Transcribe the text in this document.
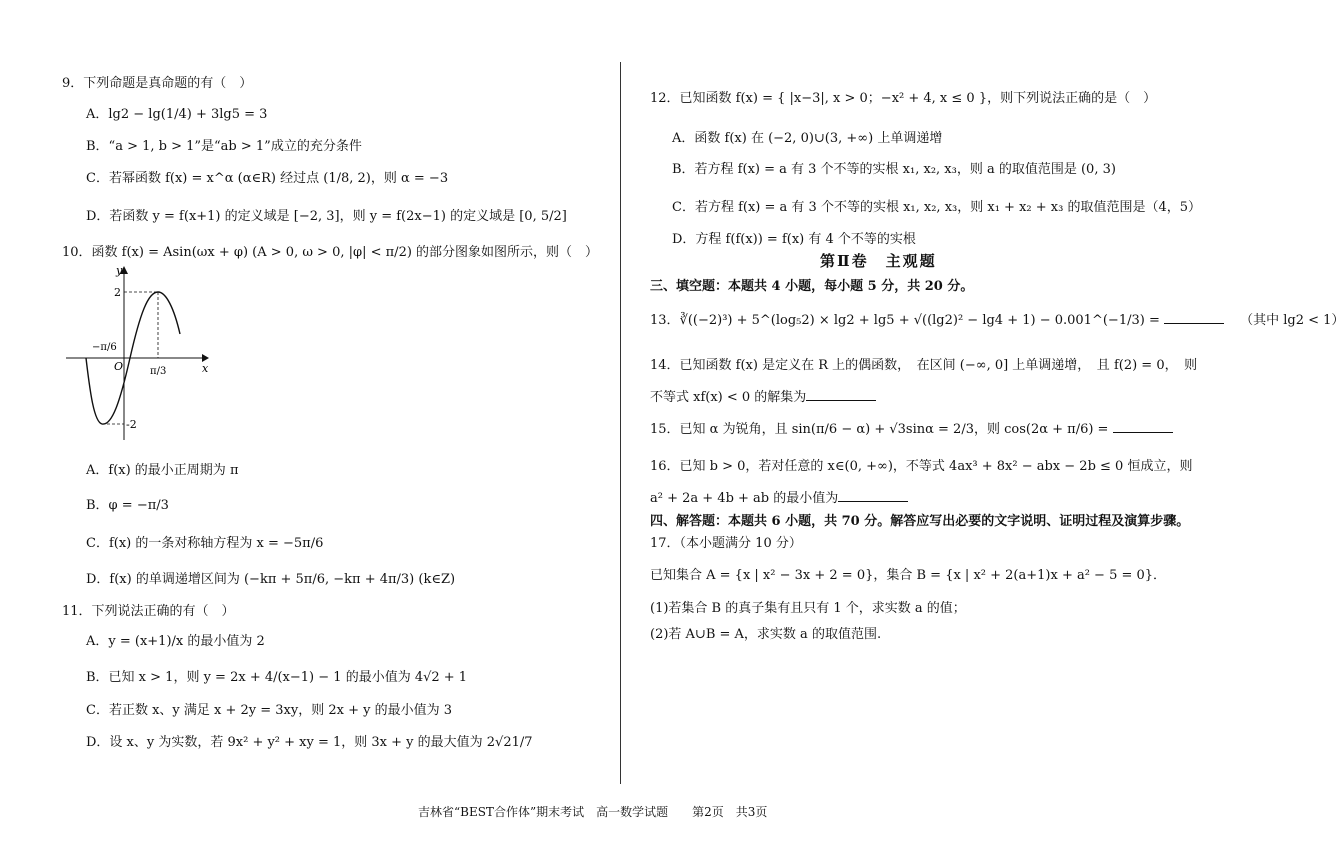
9．下列命题是真命题的有（　）
A．lg2 − lg(1/4) + 3lg5 = 3
B．“a > 1, b > 1”是“ab > 1”成立的充分条件
C．若幂函数 f(x) = x^α (α∈R) 经过点 (1/8, 2)，则 α = −3
D．若函数 y = f(x+1) 的定义域是 [−2, 3]，则 y = f(2x−1) 的定义域是 [0, 5/2]
10．函数 f(x) = Asin(ωx + φ) (A > 0, ω > 0, |φ| < π/2) 的部分图象如图所示，则（　）
y
x
O
2
-2
−π/6
π/3
A．f(x) 的最小正周期为 π
B．φ = −π/3
C．f(x) 的一条对称轴方程为 x = −5π/6
D．f(x) 的单调递增区间为 (−kπ + 5π/6, −kπ + 4π/3) (k∈Z)
11．下列说法正确的有（　）
A．y = (x+1)/x 的最小值为 2
B．已知 x > 1，则 y = 2x + 4/(x−1) − 1 的最小值为 4√2 + 1
C．若正数 x、y 满足 x + 2y = 3xy，则 2x + y 的最小值为 3
D．设 x、y 为实数，若 9x² + y² + xy = 1，则 3x + y 的最大值为 2√21/7
12．已知函数 f(x) = { |x−3|, x > 0；−x² + 4, x ≤ 0 }，则下列说法正确的是（　）
A．函数 f(x) 在 (−2, 0)∪(3, +∞) 上单调递增
B．若方程 f(x) = a 有 3 个不等的实根 x₁, x₂, x₃，则 a 的取值范围是 (0, 3)
C．若方程 f(x) = a 有 3 个不等的实根 x₁, x₂, x₃，则 x₁ + x₂ + x₃ 的取值范围是（4，5）
D．方程 f(f(x)) = f(x) 有 4 个不等的实根
第Ⅱ卷　主观题
三、填空题：本题共 4 小题，每小题 5 分，共 20 分。
13．∛((−2)³) + 5^(log₅2) × lg2 + lg5 + √((lg2)² − lg4 + 1) − 0.001^(−1/3) =	（其中 lg2 < 1）
14．已知函数 f(x) 是定义在 R 上的偶函数，　在区间 (−∞, 0] 上单调递增，　且 f(2) = 0，　则
不等式 xf(x) < 0 的解集为
15．已知 α 为锐角，且 sin(π/6 − α) + √3sinα = 2/3，则 cos(2α + π/6) =
16．已知 b > 0，若对任意的 x∈(0, +∞)，不等式 4ax³ + 8x² − abx − 2b ≤ 0 恒成立，则
a² + 2a + 4b + ab 的最小值为
四、解答题：本题共 6 小题，共 70 分。解答应写出必要的文字说明、证明过程及演算步骤。
17．（本小题满分 10 分）
已知集合 A = {x | x² − 3x + 2 = 0}，集合 B = {x | x² + 2(a+1)x + a² − 5 = 0}．
(1)若集合 B 的真子集有且只有 1 个，求实数 a 的值；
(2)若 A∪B = A，求实数 a 的取值范围.
吉林省“BEST合作体”期末考试　高一数学试题　　第2页　共3页
